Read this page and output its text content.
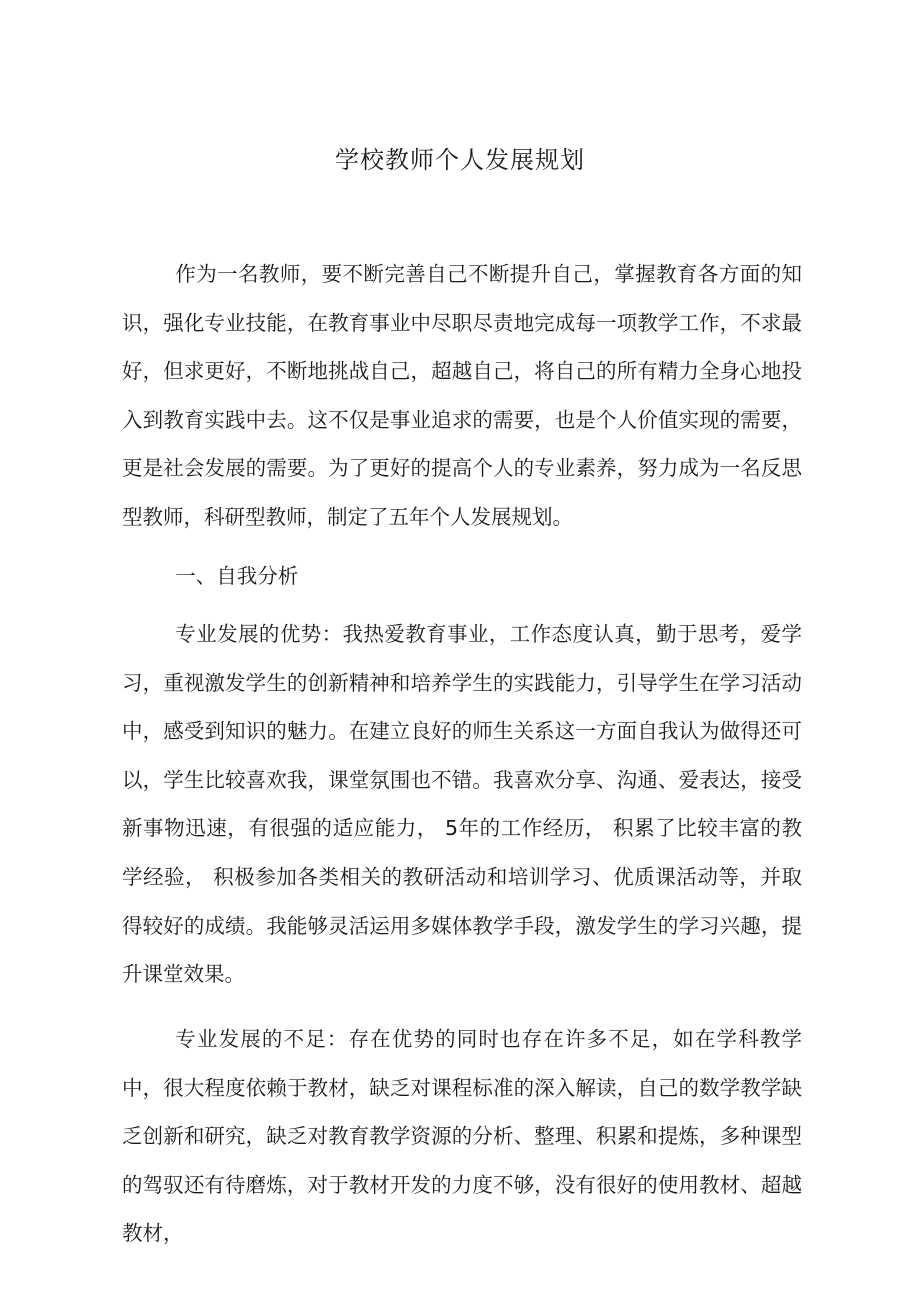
学校教师个人发展规划

作为一名教师，要不断完善自己不断提升自己，掌握教育各方面的知识，强化专业技能，在教育事业中尽职尽责地完成每一项教学工作，不求最好，但求更好，不断地挑战自己，超越自己，将自己的所有精力全身心地投入到教育实践中去。这不仅是事业追求的需要，也是个人价值实现的需要，更是社会发展的需要。为了更好的提高个人的专业素养，努力成为一名反思型教师，科研型教师，制定了五年个人发展规划。

一、自我分析

专业发展的优势：我热爱教育事业，工作态度认真，勤于思考，爱学习，重视激发学生的创新精神和培养学生的实践能力，引导学生在学习活动中，感受到知识的魅力。在建立良好的师生关系这一方面自我认为做得还可以，学生比较喜欢我，课堂氛围也不错。我喜欢分享、沟通、爱表达，接受新事物迅速，有很强的适应能力， 5年的工作经历， 积累了比较丰富的教学经验， 积极参加各类相关的教研活动和培训学习、优质课活动等，并取得较好的成绩。我能够灵活运用多媒体教学手段，激发学生的学习兴趣，提升课堂效果。

专业发展的不足：存在优势的同时也存在许多不足，如在学科教学中，很大程度依赖于教材，缺乏对课程标准的深入解读，自己的数学教学缺乏创新和研究，缺乏对教育教学资源的分析、整理、积累和提炼，多种课型的驾驭还有待磨炼，对于教材开发的力度不够，没有很好的使用教材、超越教材，
